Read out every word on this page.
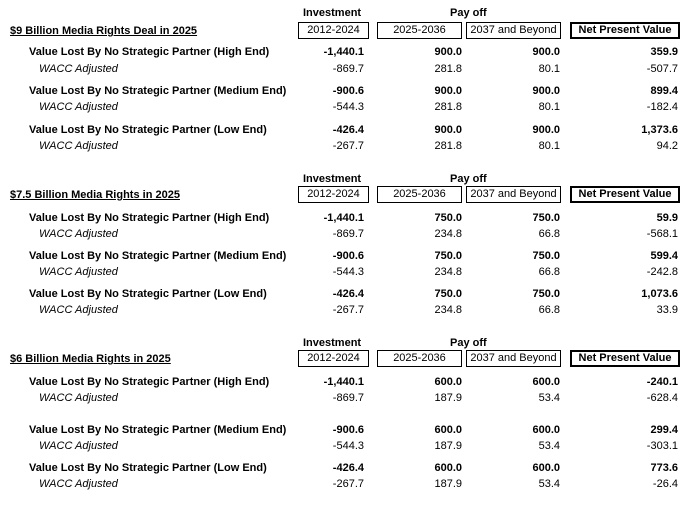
Investment	Pay off
2012-2024	2025-2036	2037 and Beyond	Net Present Value
$9 Billion Media Rights Deal in 2025
Value Lost By No Strategic Partner (High End)	-1,440.1	900.0	900.0	359.9
WACC Adjusted	-869.7	281.8	80.1	-507.7
Value Lost By No Strategic Partner (Medium End)	-900.6	900.0	900.0	899.4
WACC Adjusted	-544.3	281.8	80.1	-182.4
Value Lost By No Strategic Partner (Low End)	-426.4	900.0	900.0	1,373.6
WACC Adjusted	-267.7	281.8	80.1	94.2
Investment	Pay off
2012-2024	2025-2036	2037 and Beyond	Net Present Value
$7.5 Billion Media Rights in 2025
Value Lost By No Strategic Partner (High End)	-1,440.1	750.0	750.0	59.9
WACC Adjusted	-869.7	234.8	66.8	-568.1
Value Lost By No Strategic Partner (Medium End)	-900.6	750.0	750.0	599.4
WACC Adjusted	-544.3	234.8	66.8	-242.8
Value Lost By No Strategic Partner (Low End)	-426.4	750.0	750.0	1,073.6
WACC Adjusted	-267.7	234.8	66.8	33.9
Investment	Pay off
2012-2024	2025-2036	2037 and Beyond	Net Present Value
$6 Billion Media Rights in 2025
Value Lost By No Strategic Partner (High End)	-1,440.1	600.0	600.0	-240.1
WACC Adjusted	-869.7	187.9	53.4	-628.4
Value Lost By No Strategic Partner (Medium End)	-900.6	600.0	600.0	299.4
WACC Adjusted	-544.3	187.9	53.4	-303.1
Value Lost By No Strategic Partner (Low End)	-426.4	600.0	600.0	773.6
WACC Adjusted	-267.7	187.9	53.4	-26.4
